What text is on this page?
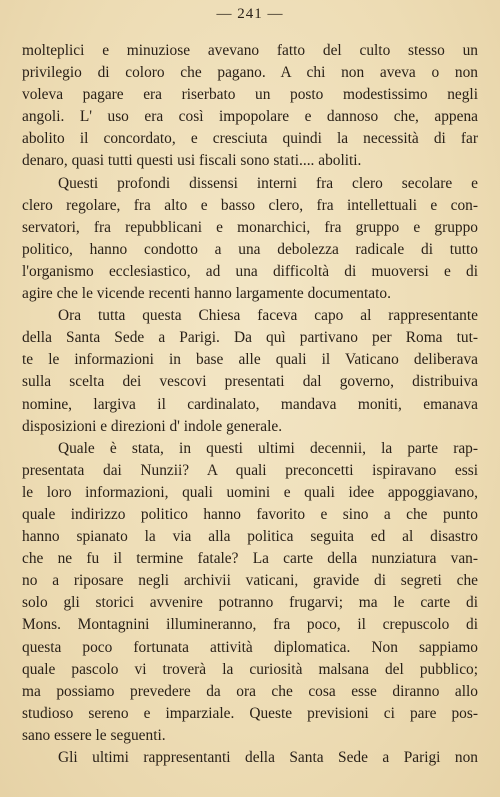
— 241 —
molteplici e minuziose avevano fatto del culto stesso un
privilegio di coloro che pagano. A chi non aveva o non
voleva pagare era riserbato un posto modestissimo negli
angoli. L' uso era così impopolare e dannoso che, appena
abolito il concordato, e cresciuta quindi la necessità di far
denaro, quasi tutti questi usi fiscali sono stati.... aboliti.
Questi profondi dissensi interni fra clero secolare e
clero regolare, fra alto e basso clero, fra intellettuali e con-
servatori, fra repubblicani e monarchici, fra gruppo e gruppo
politico, hanno condotto a una debolezza radicale di tutto
l'organismo ecclesiastico, ad una difficoltà di muoversi e di
agire che le vicende recenti hanno largamente documentato.
Ora tutta questa Chiesa faceva capo al rappresentante
della Santa Sede a Parigi. Da quì partivano per Roma tut-
te le informazioni in base alle quali il Vaticano deliberava
sulla scelta dei vescovi presentati dal governo, distribuiva
nomine, largiva il cardinalato, mandava moniti, emanava
disposizioni e direzioni d' indole generale.
Quale è stata, in questi ultimi decennii, la parte rap-
presentata dai Nunzii? A quali preconcetti ispiravano essi
le loro informazioni, quali uomini e quali idee appoggiavano,
quale indirizzo politico hanno favorito e sino a che punto
hanno spianato la via alla politica seguita ed al disastro
che ne fu il termine fatale? La carte della nunziatura van-
no a riposare negli archivii vaticani, gravide di segreti che
solo gli storici avvenire potranno frugarvi; ma le carte di
Mons. Montagnini illumineranno, fra poco, il crepuscolo di
questa poco fortunata attività diplomatica. Non sappiamo
quale pascolo vi troverà la curiosità malsana del pubblico;
ma possiamo prevedere da ora che cosa esse diranno allo
studioso sereno e imparziale. Queste previsioni ci pare pos-
sano essere le seguenti.
Gli ultimi rappresentanti della Santa Sede a Parigi non
